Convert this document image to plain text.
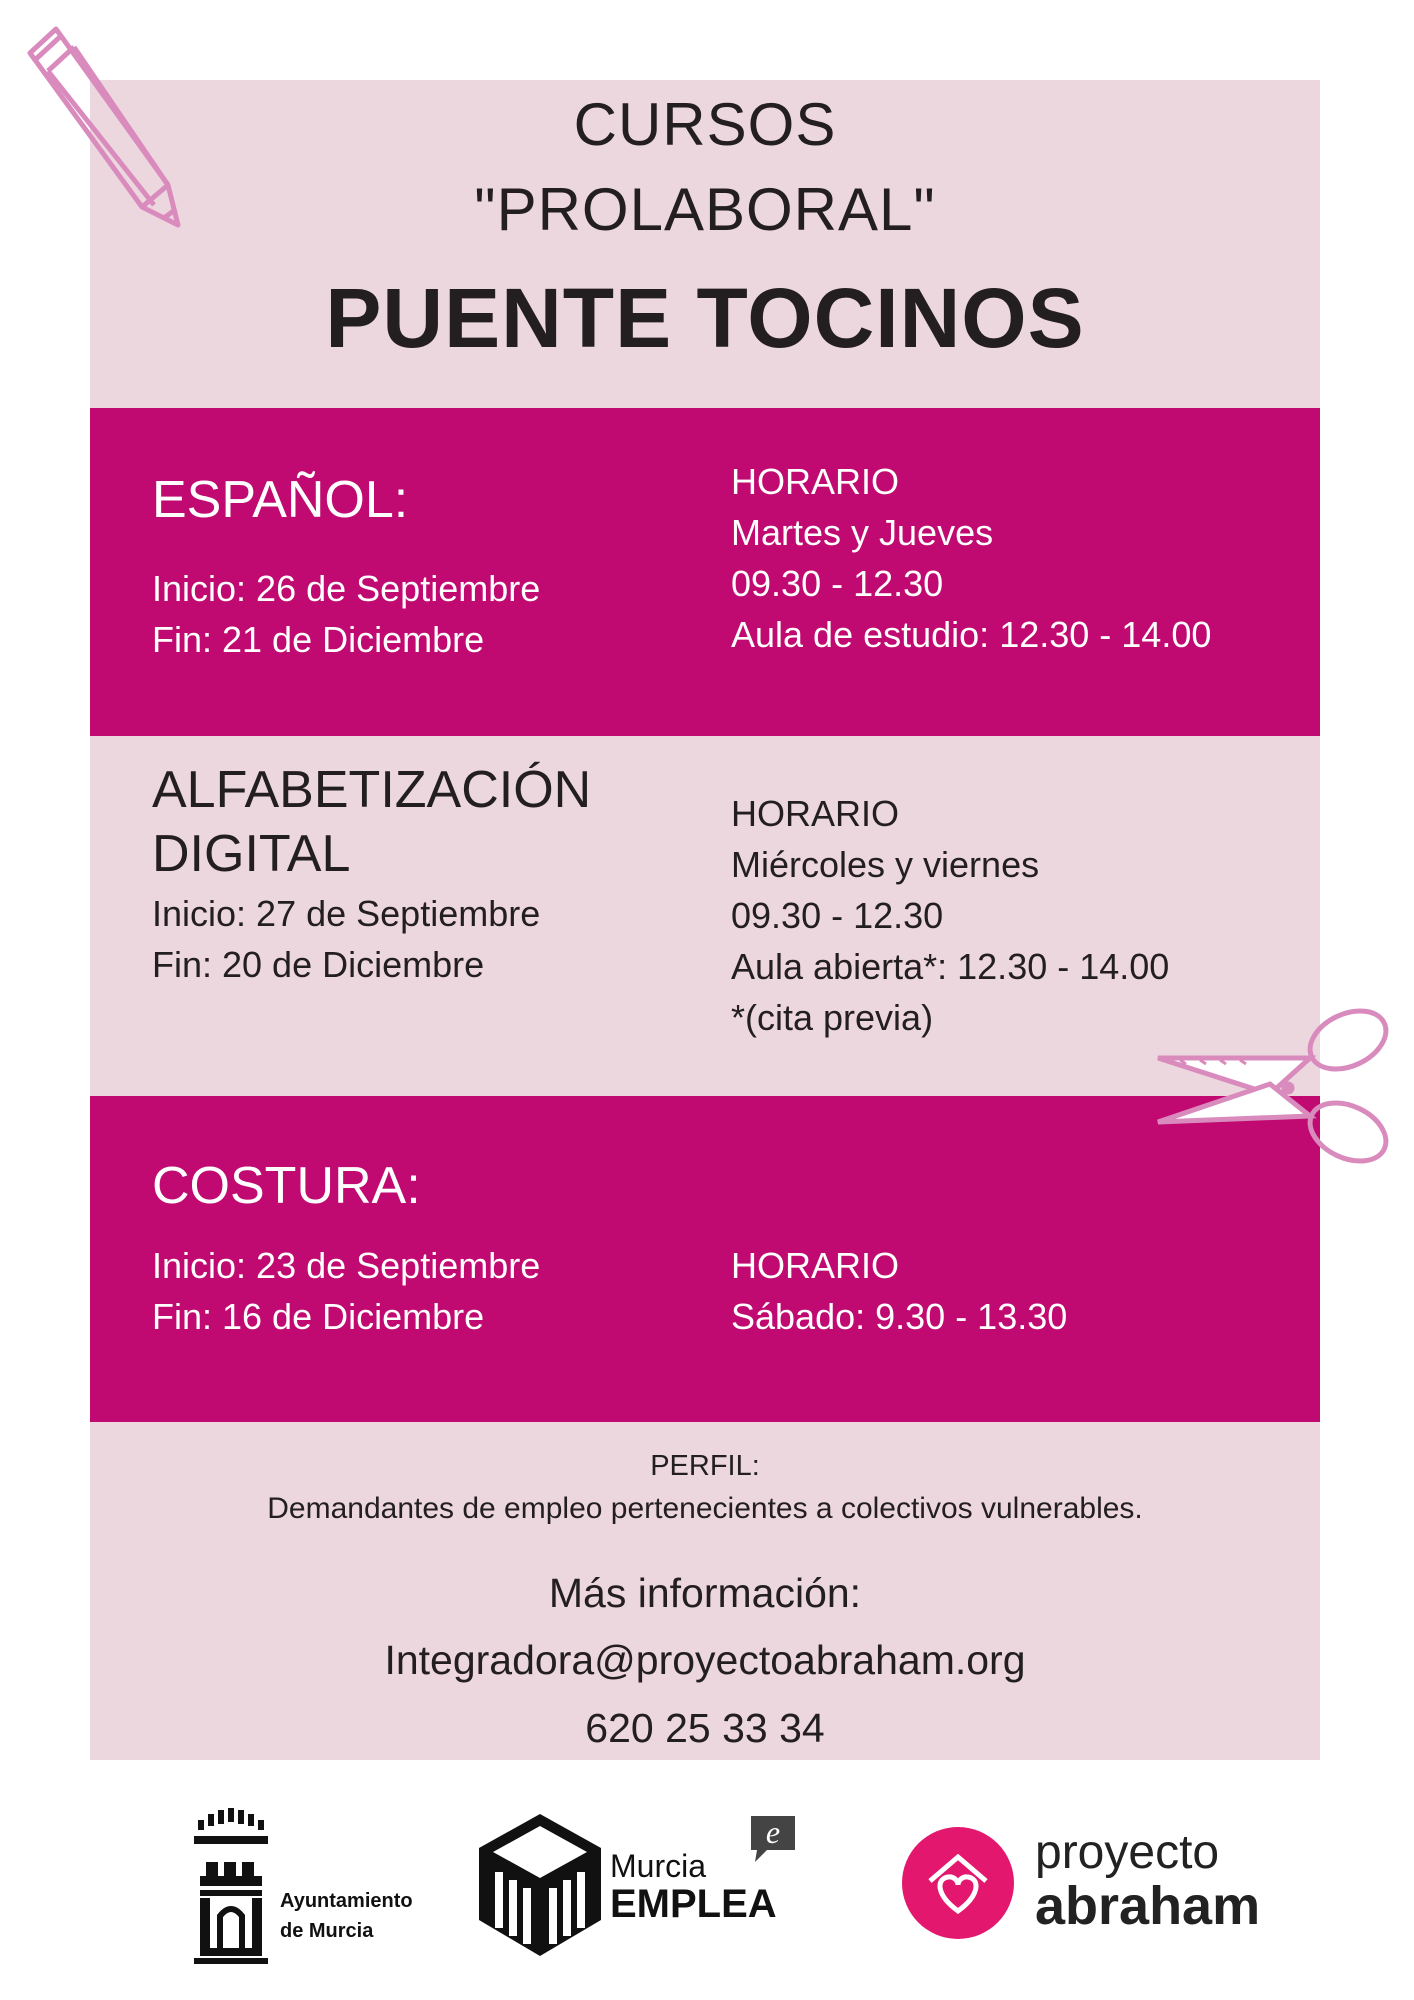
CURSOS
"PROLABORAL"
PUENTE TOCINOS
ESPAÑOL:
Inicio: 26 de Septiembre
Fin: 21 de Diciembre
HORARIO
Martes y Jueves
09.30 - 12.30
Aula de estudio: 12.30 - 14.00
ALFABETIZACIÓN
DIGITAL
Inicio: 27 de Septiembre
Fin: 20 de Diciembre
HORARIO
Miércoles y viernes
09.30 - 12.30
Aula abierta*: 12.30 - 14.00
*(cita previa)
COSTURA:
Inicio: 23 de Septiembre
Fin: 16 de Diciembre
HORARIO
Sábado: 9.30 - 13.30
PERFIL:
Demandantes de empleo pertenecientes a colectivos vulnerables.
Más información:
Integradora@proyectoabraham.org
620 25 33 34
Ayuntamiento
de Murcia
Murcia
EMPLEA
e	proyecto
abraham
